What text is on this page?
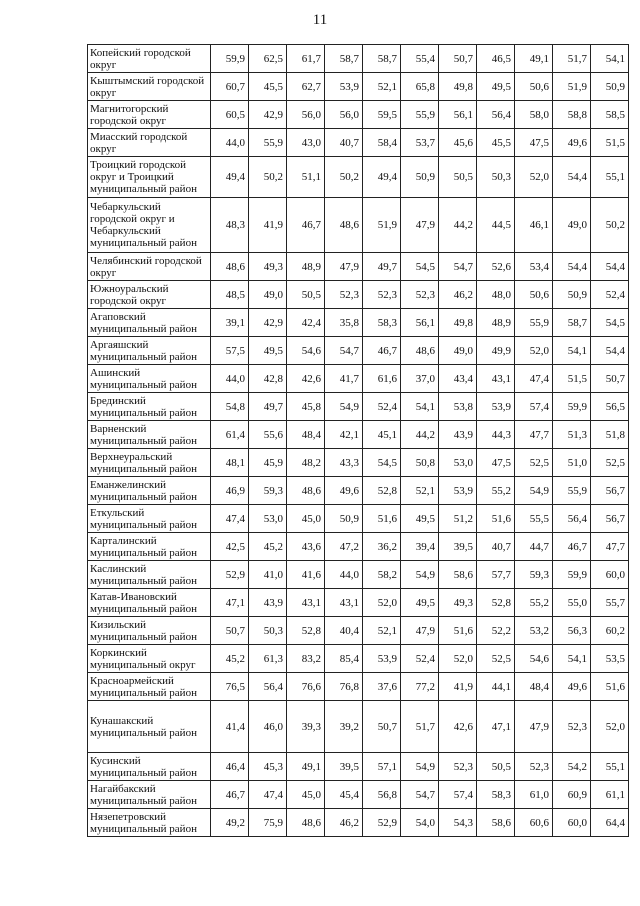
11
Копейский городской округ	59,9	62,5	61,7	58,7	58,7	55,4	50,7	46,5	49,1	51,7	54,1
Кыштымский городской округ	60,7	45,5	62,7	53,9	52,1	65,8	49,8	49,5	50,6	51,9	50,9
Магнитогорский городской округ	60,5	42,9	56,0	56,0	59,5	55,9	56,1	56,4	58,0	58,8	58,5
Миасский городской округ	44,0	55,9	43,0	40,7	58,4	53,7	45,6	45,5	47,5	49,6	51,5
Троицкий городской округ и Троицкий муниципальный район	49,4	50,2	51,1	50,2	49,4	50,9	50,5	50,3	52,0	54,4	55,1
Чебаркульский городской округ и Чебаркульский муниципальный район	48,3	41,9	46,7	48,6	51,9	47,9	44,2	44,5	46,1	49,0	50,2
Челябинский городской округ	48,6	49,3	48,9	47,9	49,7	54,5	54,7	52,6	53,4	54,4	54,4
Южноуральский городской округ	48,5	49,0	50,5	52,3	52,3	52,3	46,2	48,0	50,6	50,9	52,4
Агаповский муниципальный район	39,1	42,9	42,4	35,8	58,3	56,1	49,8	48,9	55,9	58,7	54,5
Аргаяшский муниципальный район	57,5	49,5	54,6	54,7	46,7	48,6	49,0	49,9	52,0	54,1	54,4
Ашинский муниципальный район	44,0	42,8	42,6	41,7	61,6	37,0	43,4	43,1	47,4	51,5	50,7
Брединский муниципальный район	54,8	49,7	45,8	54,9	52,4	54,1	53,8	53,9	57,4	59,9	56,5
Варненский муниципальный район	61,4	55,6	48,4	42,1	45,1	44,2	43,9	44,3	47,7	51,3	51,8
Верхнеуральский муниципальный район	48,1	45,9	48,2	43,3	54,5	50,8	53,0	47,5	52,5	51,0	52,5
Еманжелинский муниципальный район	46,9	59,3	48,6	49,6	52,8	52,1	53,9	55,2	54,9	55,9	56,7
Еткульский муниципальный район	47,4	53,0	45,0	50,9	51,6	49,5	51,2	51,6	55,5	56,4	56,7
Карталинский муниципальный район	42,5	45,2	43,6	47,2	36,2	39,4	39,5	40,7	44,7	46,7	47,7
Каслинский муниципальный район	52,9	41,0	41,6	44,0	58,2	54,9	58,6	57,7	59,3	59,9	60,0
Катав-Ивановский муниципальный район	47,1	43,9	43,1	43,1	52,0	49,5	49,3	52,8	55,2	55,0	55,7
Кизильский муниципальный район	50,7	50,3	52,8	40,4	52,1	47,9	51,6	52,2	53,2	56,3	60,2
Коркинский муниципальный округ	45,2	61,3	83,2	85,4	53,9	52,4	52,0	52,5	54,6	54,1	53,5
Красноармейский муниципальный район	76,5	56,4	76,6	76,8	37,6	77,2	41,9	44,1	48,4	49,6	51,6
Кунашакский муниципальный район	41,4	46,0	39,3	39,2	50,7	51,7	42,6	47,1	47,9	52,3	52,0
Кусинский муниципальный район	46,4	45,3	49,1	39,5	57,1	54,9	52,3	50,5	52,3	54,2	55,1
Нагайбакский муниципальный район	46,7	47,4	45,0	45,4	56,8	54,7	57,4	58,3	61,0	60,9	61,1
Нязепетровский муниципальный район	49,2	75,9	48,6	46,2	52,9	54,0	54,3	58,6	60,6	60,0	64,4
